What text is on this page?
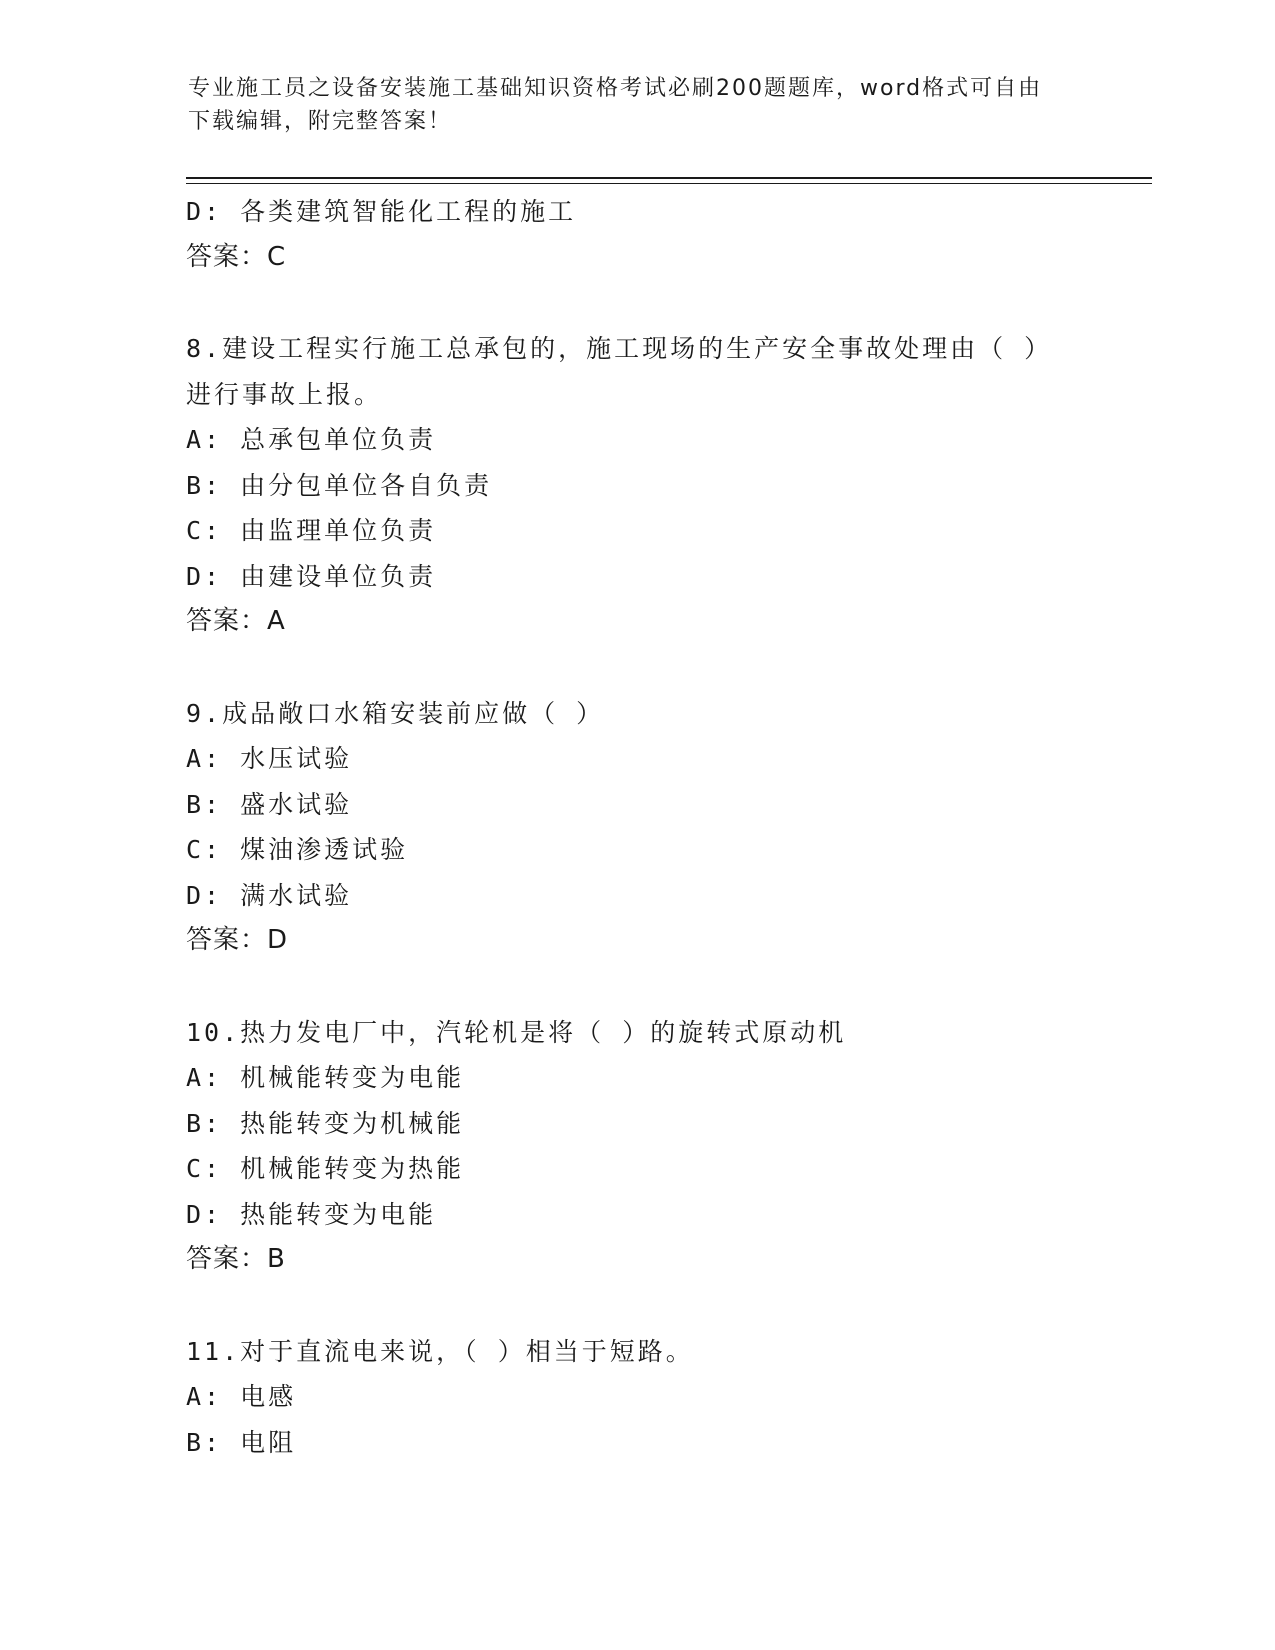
专业施工员之设备安装施工基础知识资格考试必刷200题题库，word格式可自由
下载编辑，附完整答案！
D: 各类建筑智能化工程的施工
答案：C
8.建设工程实行施工总承包的，施工现场的生产安全事故处理由（ ）
进行事故上报。
A: 总承包单位负责
B: 由分包单位各自负责
C: 由监理单位负责
D: 由建设单位负责
答案：A
9.成品敞口水箱安装前应做（ ）
A: 水压试验
B: 盛水试验
C: 煤油渗透试验
D: 满水试验
答案：D
10.热力发电厂中，汽轮机是将（ ）的旋转式原动机
A: 机械能转变为电能
B: 热能转变为机械能
C: 机械能转变为热能
D: 热能转变为电能
答案：B
11.对于直流电来说，（ ）相当于短路。
A: 电感
B: 电阻
